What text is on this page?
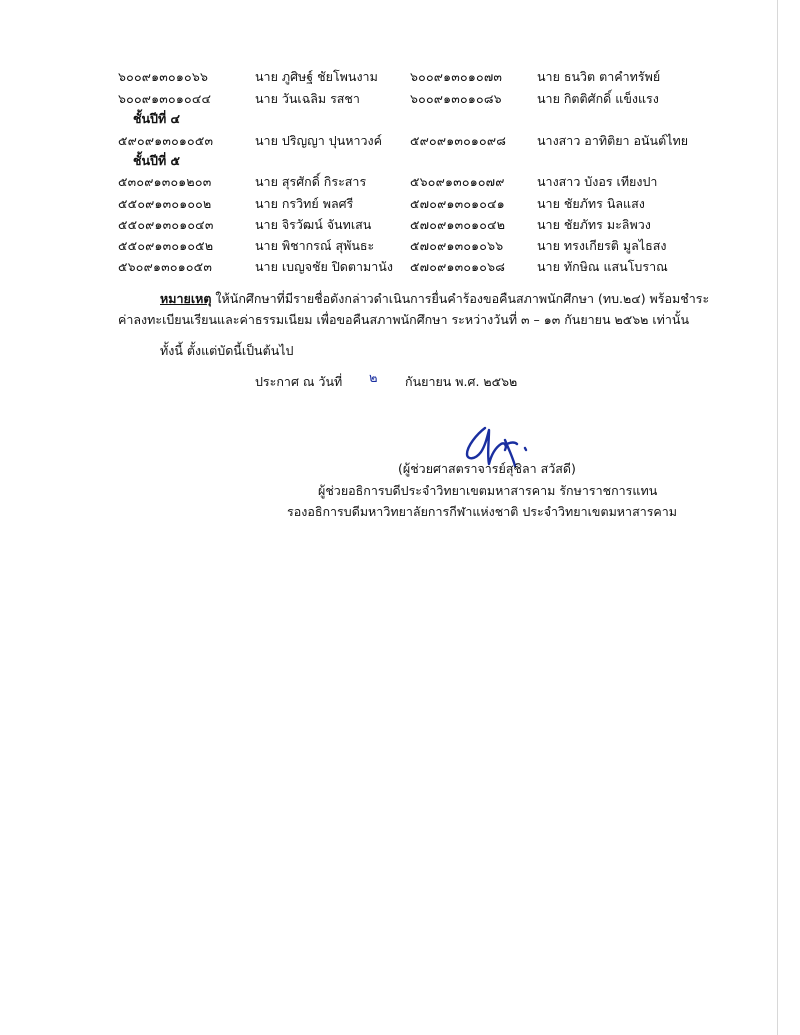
๖๐๐๙๑๓๐๑๐๖๖	นาย ภูศิษฐ์ ชัยโพนงาม	๖๐๐๙๑๓๐๑๐๗๓	นาย ธนวิต ตาคำทรัพย์
๖๐๐๙๑๓๐๑๐๔๔	นาย วันเฉลิม รสชา	๖๐๐๙๑๓๐๑๐๘๖	นาย กิตติศักดิ์ แข็งแรง
ชั้นปีที่ ๔
๕๙๐๙๑๓๐๑๐๕๓	นาย ปริญญา ปุนหาวงค์ ๕๙๐๙๑๓๐๑๐๙๘ นางสาว อาทิติยา อนันต์ไทย
ชั้นปีที่ ๕
๕๓๐๙๑๓๐๑๒๐๓	นาย สุรศักดิ์ กิระสาร	๕๖๐๙๑๓๐๑๐๗๙	นางสาว บังอร เทียงปา
๕๕๐๙๑๓๐๑๐๐๒	นาย กรวิทย์ พลศรี	๕๗๐๙๑๓๐๑๐๔๑	นาย ชัยภัทร นิลแสง
๕๕๐๙๑๓๐๑๐๔๓	นาย จิรวัฒน์ จันทเสน	๕๗๐๙๑๓๐๑๐๔๒	นาย ชัยภัทร มะลิพวง
๕๕๐๙๑๓๐๑๐๕๒	นาย พิชากรณ์ สุพันธะ	๕๗๐๙๑๓๐๑๐๖๖	นาย ทรงเกียรติ มูลไธสง
๕๖๐๙๑๓๐๑๐๕๓	นาย เบญจชัย ปิดตามานัง ๕๗๐๙๑๓๐๑๐๖๘	นาย ทักษิณ แสนโบราณ
หมายเหตุ ให้นักศึกษาที่มีรายชื่อดังกล่าวดำเนินการยื่นคำร้องขอคืนสภาพนักศึกษา (ทบ.๒๔) พร้อมชำระ
ค่าลงทะเบียนเรียนและค่าธรรมเนียม เพื่อขอคืนสภาพนักศึกษา ระหว่างวันที่ ๓ – ๑๓ กันยายน ๒๕๖๒ เท่านั้น
ทั้งนี้ ตั้งแต่บัดนี้เป็นต้นไป
ประกาศ ณ วันที่ ๒ กันยายน พ.ศ. ๒๕๖๒
(ผู้ช่วยศาสตราจารย์สุชิลา สวัสดี)
ผู้ช่วยอธิการบดีประจำวิทยาเขตมหาสารคาม รักษาราชการแทน
รองอธิการบดีมหาวิทยาลัยการกีฬาแห่งชาติ ประจำวิทยาเขตมหาสารคาม
